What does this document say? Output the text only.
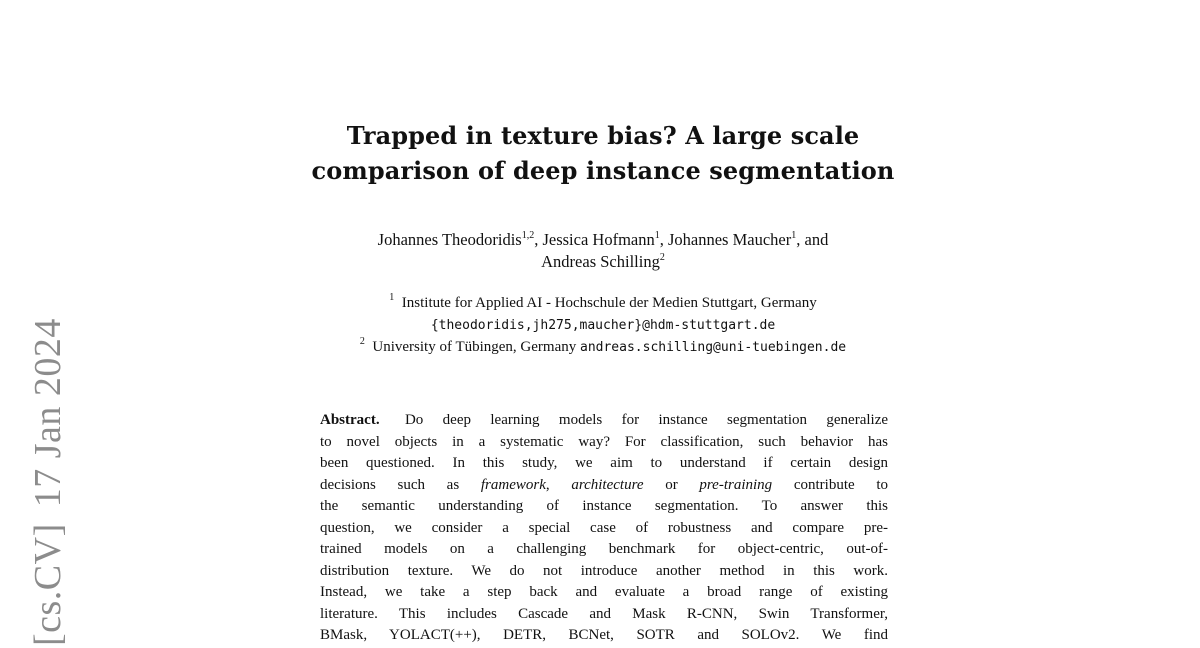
[cs.CV]17 Jan 2024
Trapped in texture bias? A large scale
comparison of deep instance segmentation
Johannes Theodoridis$^{1,2}$, Jessica Hofmann$^1$, Johannes Maucher$^1$, and
Andreas Schilling$^2$
$^1$ Institute for Applied AI - Hochschule der Medien Stuttgart, Germany
{theodoridis,jh275,maucher}@hdm-stuttgart.de
$^2$ University of Tübingen, Germany andreas.schilling@uni-tuebingen.de
Abstract. Do deep learning models for instance segmentation generalize
to novel objects in a systematic way? For classification, such behavior has
been questioned. In this study, we aim to understand if certain design
decisions such as framework, architecture or pre-training contribute to
the semantic understanding of instance segmentation. To answer this
question, we consider a special case of robustness and compare pre-
trained models on a challenging benchmark for object-centric, out-of-
distribution texture. We do not introduce another method in this work.
Instead, we take a step back and evaluate a broad range of existing
literature. This includes Cascade and Mask R-CNN, Swin Transformer,
BMask, YOLACT(++), DETR, BCNet, SOTR and SOLOv2. We find
